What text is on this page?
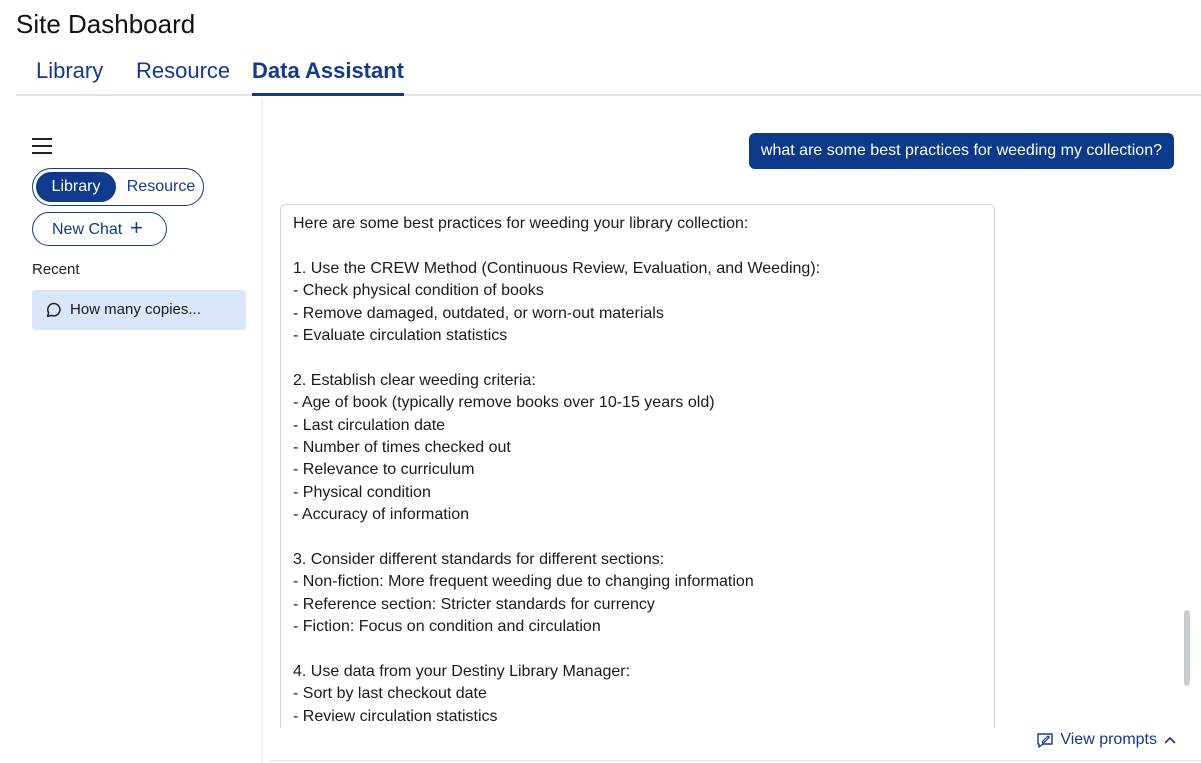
Site Dashboard
Library Resource Data Assistant
Library	Resource
New Chat +
Recent
How many copies...
what are some best practices for weeding my collection?
Here are some best practices for weeding your library collection:
1. Use the CREW Method (Continuous Review, Evaluation, and Weeding):
- Check physical condition of books
- Remove damaged, outdated, or worn-out materials
- Evaluate circulation statistics
2. Establish clear weeding criteria:
- Age of book (typically remove books over 10-15 years old)
- Last circulation date
- Number of times checked out
- Relevance to curriculum
- Physical condition
- Accuracy of information
3. Consider different standards for different sections:
- Non-fiction: More frequent weeding due to changing information
- Reference section: Stricter standards for currency
- Fiction: Focus on condition and circulation
4. Use data from your Destiny Library Manager:
- Sort by last checkout date
- Review circulation statistics
View prompts
